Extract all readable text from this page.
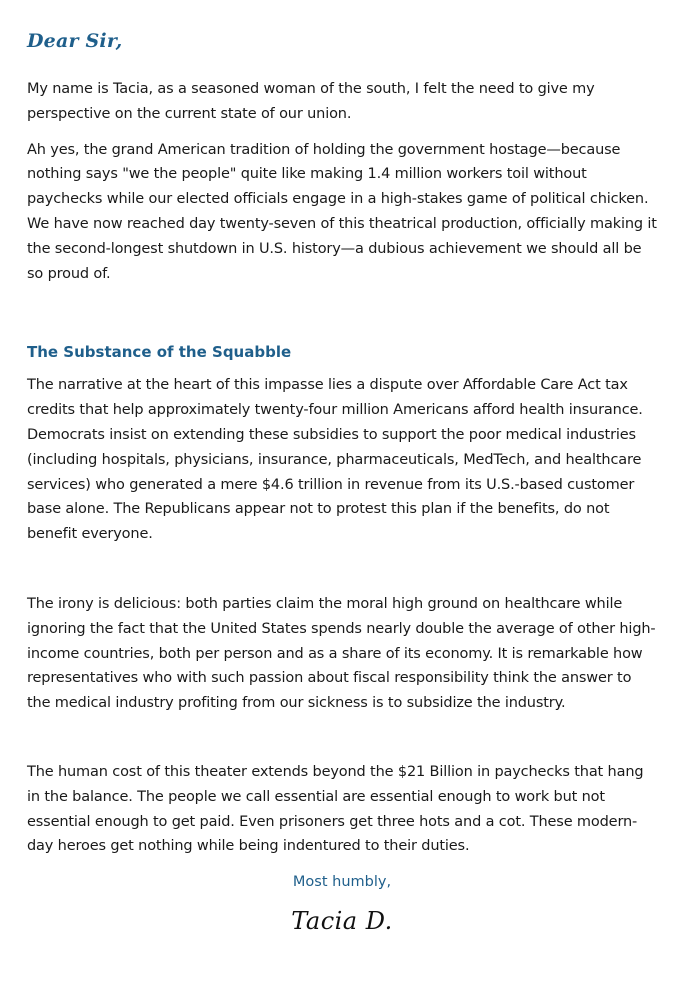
Dear Sir,

My name is Tacia, as a seasoned woman of the south, I felt the need to give my perspective on the current state of our union.

Ah yes, the grand American tradition of holding the government hostage—because nothing says "we the people" quite like making 1.4 million workers toil without paychecks while our elected officials engage in a high-stakes game of political chicken. We have now reached day twenty-seven of this theatrical production, officially making it the second-longest shutdown in U.S. history—a dubious achievement we should all be so proud of.

The Substance of the Squabble

The narrative at the heart of this impasse lies a dispute over Affordable Care Act tax credits that help approximately twenty-four million Americans afford health insurance. Democrats insist on extending these subsidies to support the poor medical industries (including hospitals, physicians, insurance, pharmaceuticals, MedTech, and healthcare services) who generated a mere $4.6 trillion in revenue from its U.S.-based customer base alone. The Republicans appear not to protest this plan if the benefits, do not benefit everyone.

The irony is delicious: both parties claim the moral high ground on healthcare while ignoring the fact that the United States spends nearly double the average of other high-income countries, both per person and as a share of its economy. It is remarkable how representatives who with such passion about fiscal responsibility think the answer to the medical industry profiting from our sickness is to subsidize the industry.

The human cost of this theater extends beyond the $21 Billion in paychecks that hang in the balance. The people we call essential are essential enough to work but not essential enough to get paid. Even prisoners get three hots and a cot. These modern-day heroes get nothing while being indentured to their duties.

Most humbly,
Tacia D.
